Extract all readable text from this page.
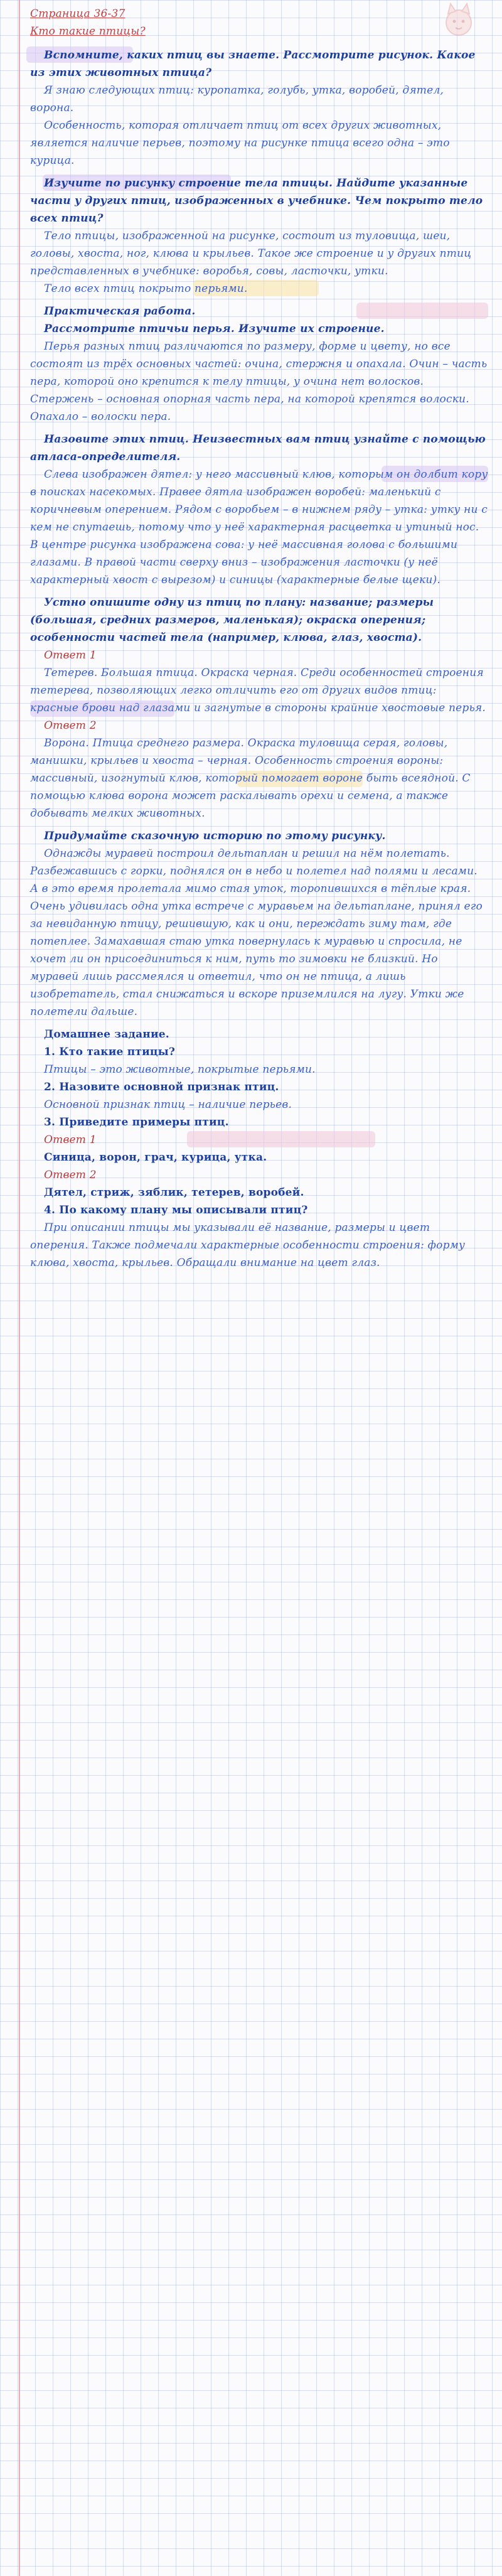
Страница 36-37

Кто такие птицы?

Вспомните, каких птиц вы знаете. Рассмотрите рисунок. Какое из этих животных птица?

Я знаю следующих птиц: куропатка, голубь, утка, воробей, дятел, ворона.

Особенность, которая отличает птиц от всех других животных, является наличие перьев, поэтому на рисунке птица всего одна – это курица.

Изучите по рисунку строение тела птицы. Найдите указанные части у других птиц, изображенных в учебнике. Чем покрыто тело всех птиц?

Тело птицы, изображенной на рисунке, состоит из туловища, шеи, головы, хвоста, ног, клюва и крыльев. Такое же строение и у других птиц представленных в учебнике: воробья, совы, ласточки, утки.

Тело всех птиц покрыто перьями.

Практическая работа.

Рассмотрите птичьи перья. Изучите их строение.

Перья разных птиц различаются по размеру, форме и цвету, но все состоят из трёх основных частей: очина, стержня и опахала. Очин – часть пера, которой оно крепится к телу птицы, у очина нет волосков. Стержень – основная опорная часть пера, на которой крепятся волоски. Опахало – волоски пера.

Назовите этих птиц. Неизвестных вам птиц узнайте с помощью атласа-определителя.

Слева изображен дятел: у него массивный клюв, которым он долбит кору в поисках насекомых. Правее дятла изображен воробей: маленький с коричневым оперением. Рядом с воробьем – в нижнем ряду – утка: утку ни с кем не спутаешь, потому что у неё характерная расцветка и утиный нос. В центре рисунка изображена сова: у неё массивная голова с большими глазами. В правой части сверху вниз – изображения ласточки (у неё характерный хвост с вырезом) и синицы (характерные белые щеки).

Устно опишите одну из птиц по плану: название; размеры (большая, средних размеров, маленькая); окраска оперения; особенности частей тела (например, клюва, глаз, хвоста).

Ответ 1

Тетерев. Большая птица. Окраска черная. Среди особенностей строения тетерева, позволяющих легко отличить его от других видов птиц: красные брови над глазами и загнутые в стороны крайние хвостовые перья.

Ответ 2

Ворона. Птица среднего размера. Окраска туловища серая, головы, манишки, крыльев и хвоста – черная. Особенность строения вороны: массивный, изогнутый клюв, который помогает вороне быть всеядной. С помощью клюва ворона может раскалывать орехи и семена, а также добывать мелких животных.

Придумайте сказочную историю по этому рисунку.

Однажды муравей построил дельтаплан и решил на нём полетать. Разбежавшись с горки, поднялся он в небо и полетел над полями и лесами. А в это время пролетала мимо стая уток, торопившихся в тёплые края. Очень удивилась одна утка встрече с муравьем на дельтаплане, принял его за невиданную птицу, решившую, как и они, переждать зиму там, где потеплее. Замахавшая стаю утка повернулась к муравью и спросила, не хочет ли он присоединиться к ним, путь то зимовки не близкий. Но муравей лишь рассмеялся и ответил, что он не птица, а лишь изобретатель, стал снижаться и вскоре приземлился на лугу. Утки же полетели дальше.

Домашнее задание.

1. Кто такие птицы?

Птицы – это животные, покрытые перьями.

2. Назовите основной признак птиц.

Основной признак птиц – наличие перьев.

3. Приведите примеры птиц.

Ответ 1

Синица, ворон, грач, курица, утка.

Ответ 2

Дятел, стриж, зяблик, тетерев, воробей.

4. По какому плану мы описывали птиц?

При описании птицы мы указывали её название, размеры и цвет оперения. Также подмечали характерные особенности строения: форму клюва, хвоста, крыльев. Обращали внимание на цвет глаз.
